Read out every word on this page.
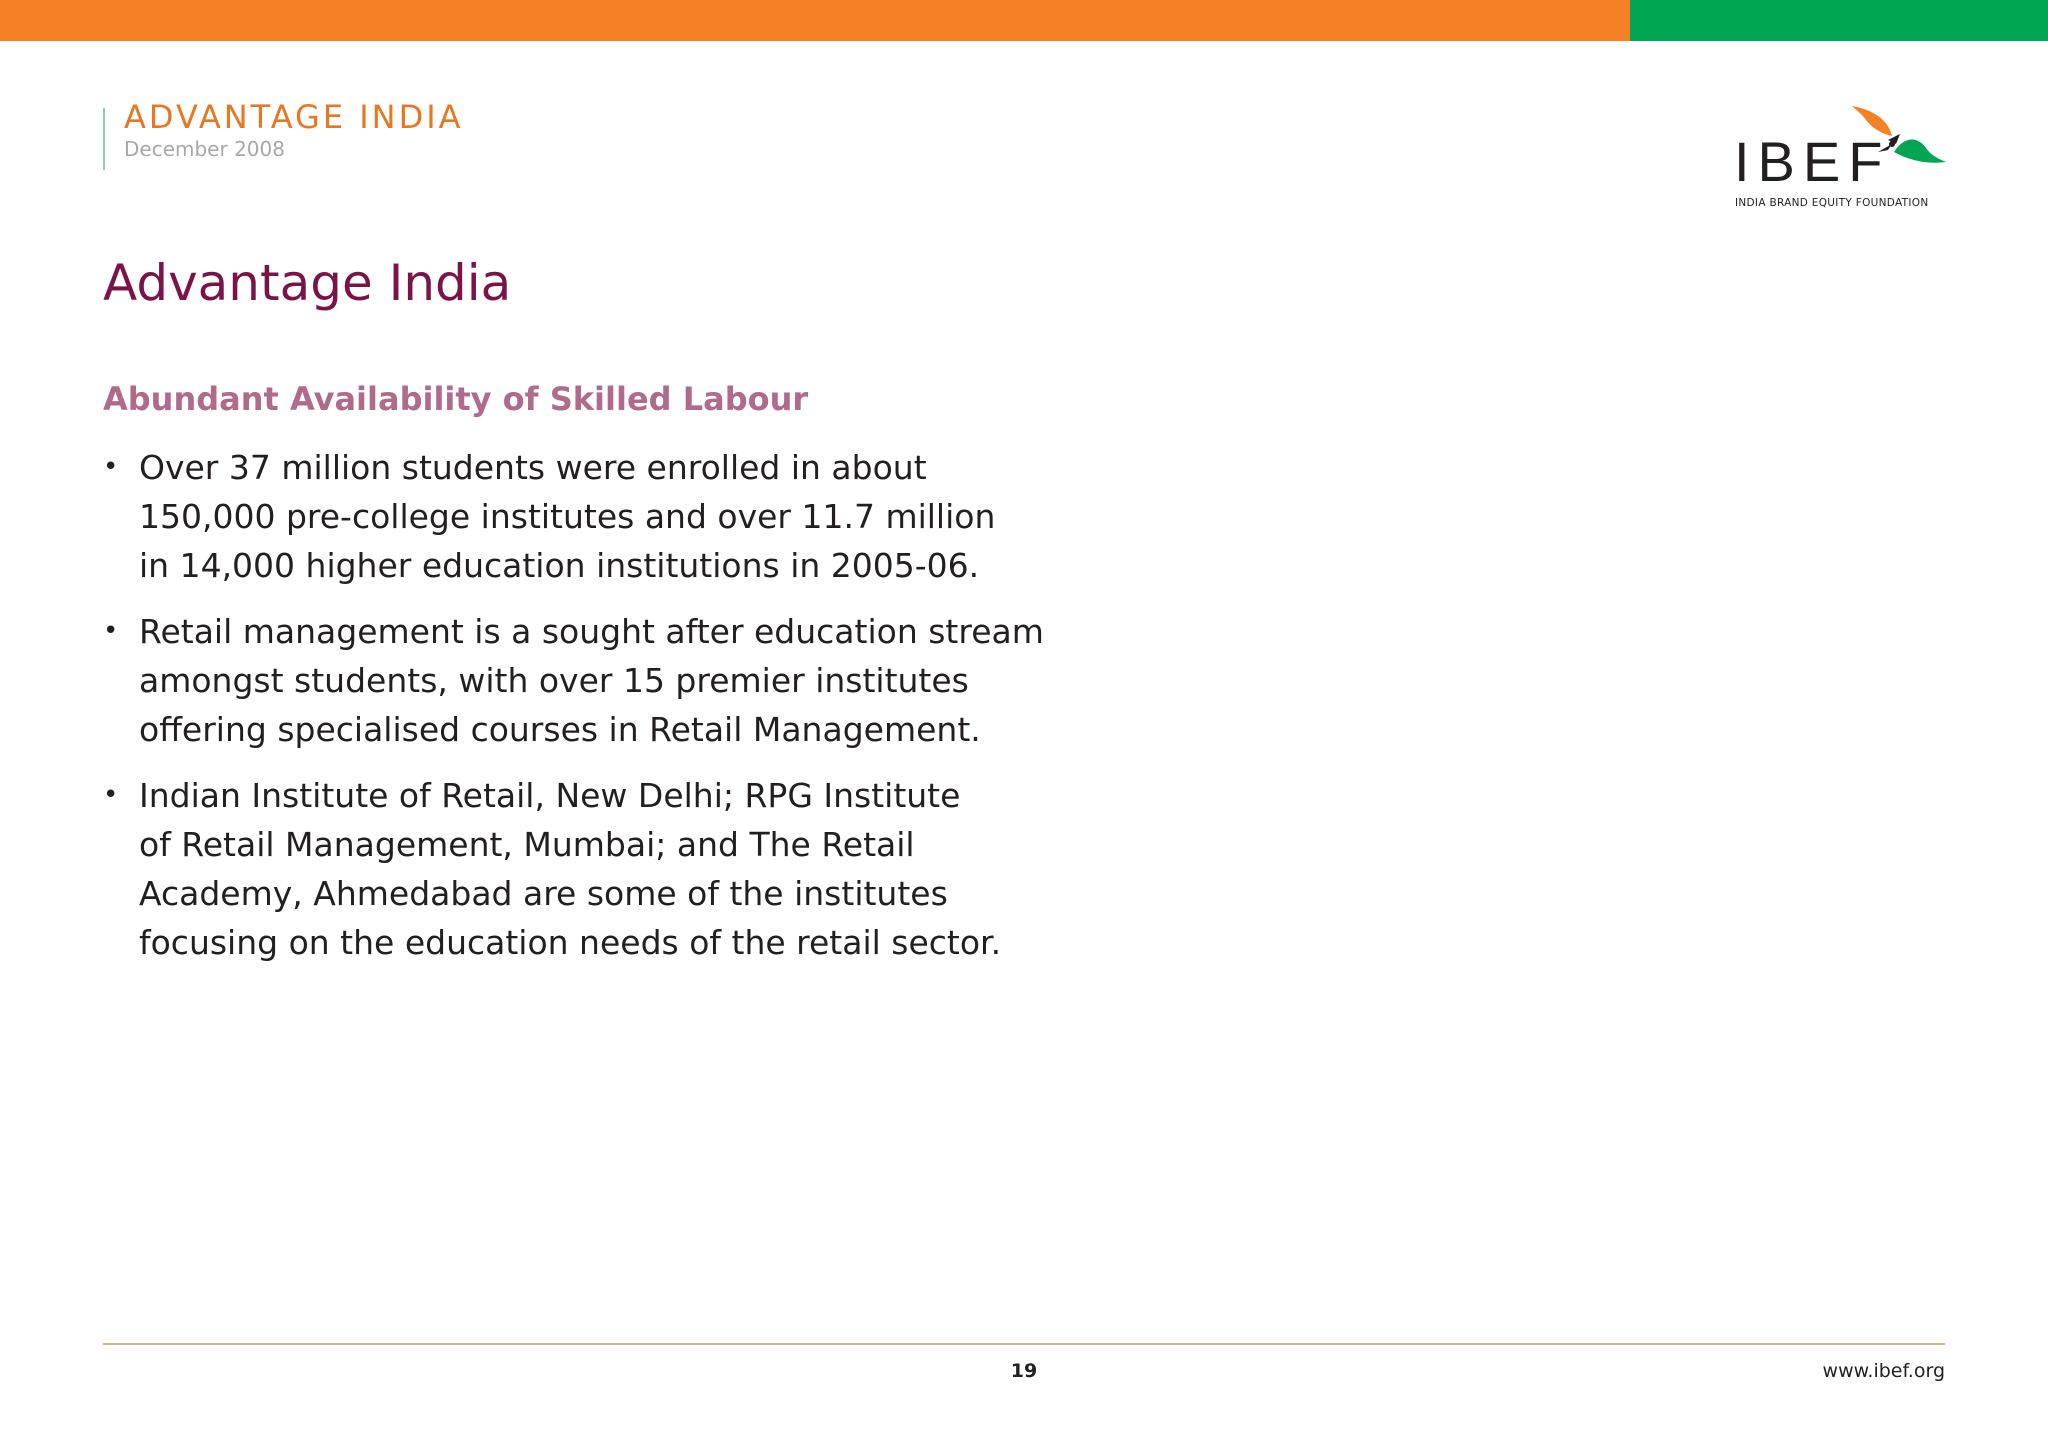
ADVANTAGE INDIA
December 2008	IBEF
INDIA BRAND EQUITY FOUNDATION
Advantage India
Abundant Availability of Skilled Labour
• Over 37 million students were enrolled in about
150,000 pre-college institutes and over 11.7 million
in 14,000 higher education institutions in 2005-06.
• Retail management is a sought after education stream
amongst students, with over 15 premier institutes
offering specialised courses in Retail Management.
• Indian Institute of Retail, New Delhi; RPG Institute
of Retail Management, Mumbai; and The Retail
Academy, Ahmedabad are some of the institutes
focusing on the education needs of the retail sector.
19	www.ibef.org
